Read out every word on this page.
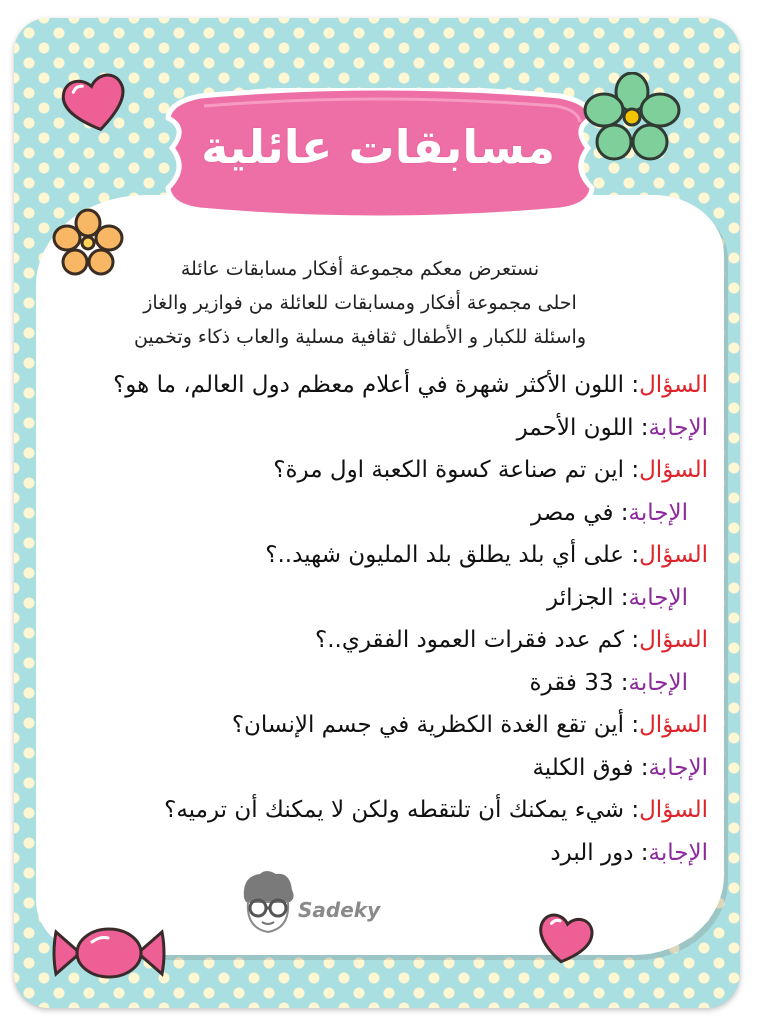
مسابقات عائلية
نستعرض معكم مجموعة أفكار مسابقات عائلة
احلى مجموعة أفكار ومسابقات للعائلة من فوازير والغاز
واسئلة للكبار و الأطفال ثقافية مسلية والعاب ذكاء وتخمين
السؤال: اللون الأكثر شهرة في أعلام معظم دول العالم، ما هو؟
الإجابة: اللون الأحمر
السؤال: اين تم صناعة كسوة الكعبة اول مرة؟
الإجابة: في مصر
السؤال: على أي بلد يطلق بلد المليون شهيد..؟
الإجابة: الجزائر
السؤال: كم عدد فقرات العمود الفقري..؟
الإجابة: 33 فقرة
السؤال: أين تقع الغدة الكظرية في جسم الإنسان؟
الإجابة: فوق الكلية
السؤال: شيء يمكنك أن تلتقطه ولكن لا يمكنك أن ترميه؟
الإجابة: دور البرد
Sadeky
